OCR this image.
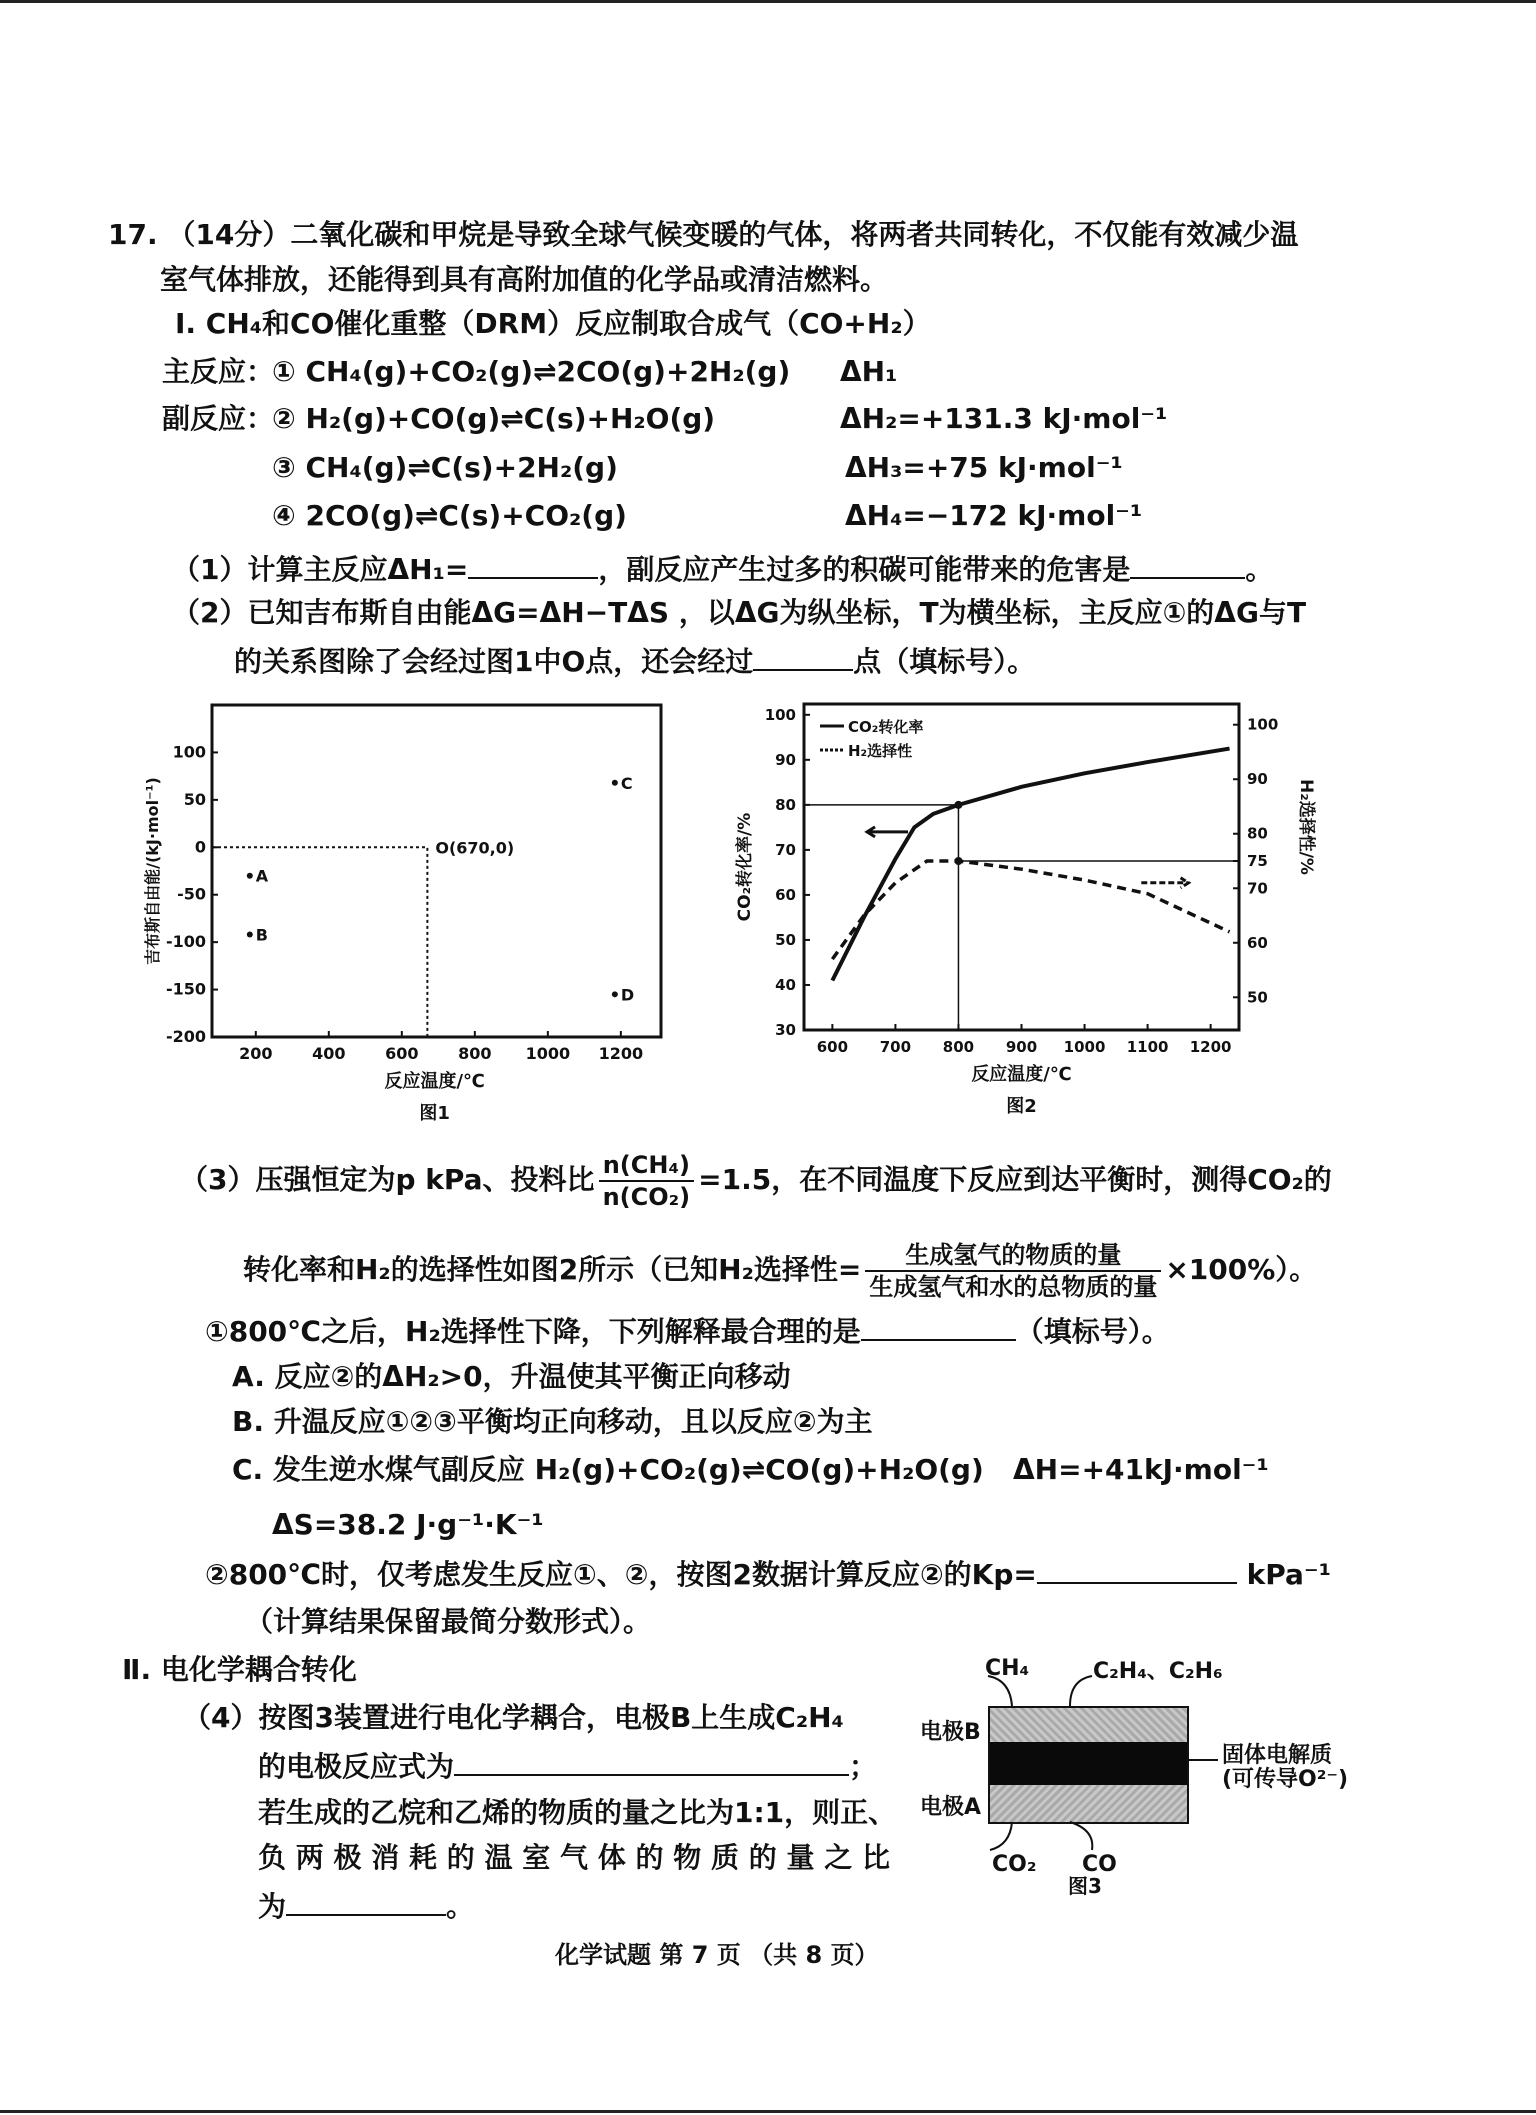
17. （14分）二氧化碳和甲烷是导致全球气候变暖的气体，将两者共同转化，不仅能有效减少温
室气体排放，还能得到具有高附加值的化学品或清洁燃料。
Ⅰ. CH₄和CO催化重整（DRM）反应制取合成气（CO+H₂）
主反应：
① CH₄(g)+CO₂(g)⇌2CO(g)+2H₂(g) ΔH₁
副反应：
② H₂(g)+CO(g)⇌C(s)+H₂O(g)	ΔH₂=+131.3 kJ·mol⁻¹
③ CH₄(g)⇌C(s)+2H₂(g)	ΔH₃=+75 kJ·mol⁻¹
④ 2CO(g)⇌C(s)+CO₂(g)	ΔH₄=−172 kJ·mol⁻¹
（1）计算主反应ΔH₁=	，副反应产生过多的积碳可能带来的危害是	。
（2）已知吉布斯自由能ΔG=ΔH−TΔS ，以ΔG为纵坐标，T为横坐标，主反应①的ΔG与T
的关系图除了会经过图1中O点，还会经过	点（填标号）。
200 400 600 800 1000 1200
100
50
0
-50
-100
-150
-200
O(670,0)
A
B
C
D
反应温度/℃
图1
吉布斯自由能/(kJ·mol⁻¹)
600 700 800 900 1000 1100 1200
30
40
50
60
70
80
90
100
50
60
70
75
80
90
100
CO₂转化率
H₂选择性
反应温度/℃
图2
CO₂转化率/%	H₂选择性/%
（3）压强恒定为p kPa、投料比 $\frac{\text{n(CH₄)}}{\text{n(CO₂)}} =1.5$，在不同温度下反应到达平衡时，测得CO₂的
转化率和H₂的选择性如图2所示（已知H₂选择性= $\frac{\text{生成氢气的物质的量}}{\text{生成氢气和水的总物质的量}} \times 100\%$）。
①800℃之后，H₂选择性下降，下列解释最合理的是	（填标号）。
A. 反应②的ΔH₂>0，升温使其平衡正向移动
B. 升温反应①②③平衡均正向移动，且以反应②为主
C. 发生逆水煤气副反应 H₂(g)+CO₂(g)⇌CO(g)+H₂O(g) ΔH=+41kJ·mol⁻¹
ΔS=38.2 J·g⁻¹·K⁻¹
②800℃时，仅考虑发生反应①、②，按图2数据计算反应②的Kp=	kPa⁻¹
（计算结果保留最简分数形式）。
Ⅱ. 电化学耦合转化
（4）按图3装置进行电化学耦合，电极B上生成C₂H₄
的电极反应式为	；
若生成的乙烷和乙烯的物质的量之比为1:1，则正、
负 两 极 消 耗 的 温 室 气 体 的 物 质 的 量 之 比
为	。
CH₄	C₂H₄、C₂H₆
电极B
电极A
固体电解质
(可传导O²⁻)
CO₂ CO
图3
化学试题 第 7 页 （共 8 页）
